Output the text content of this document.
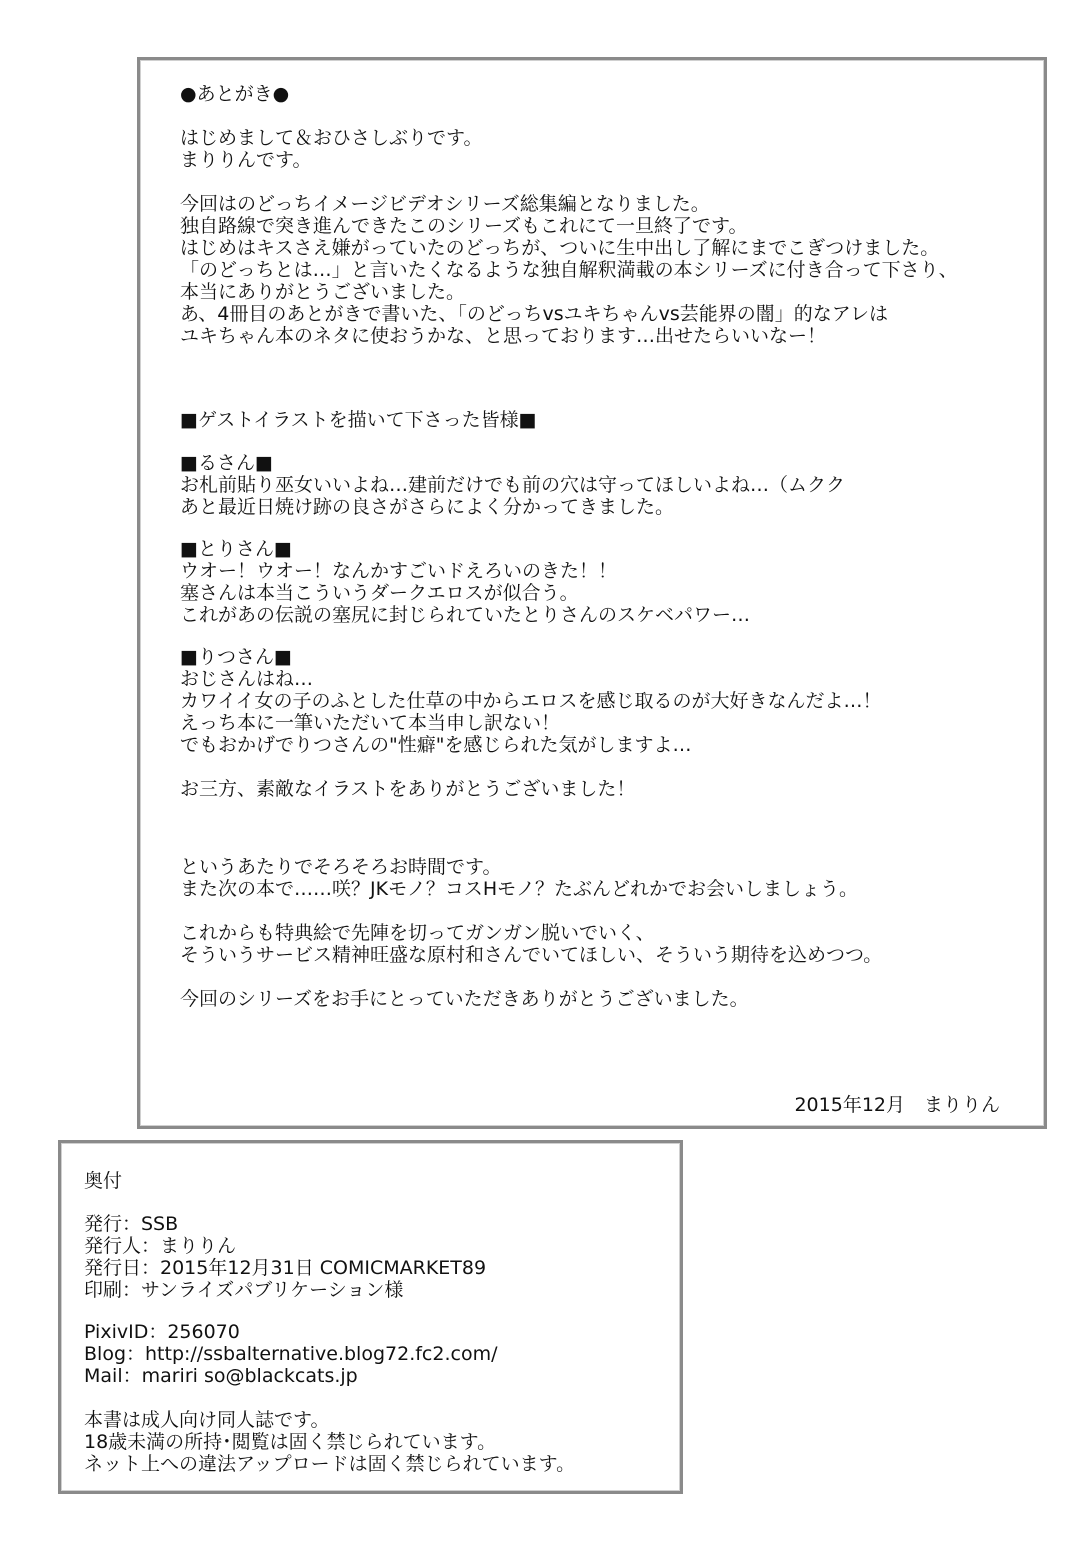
●あとがき●
はじめまして＆おひさしぶりです。
まりりんです。
今回はのどっちイメージビデオシリーズ総集編となりました。
独自路線で突き進んできたこのシリーズもこれにて一旦終了です。
はじめはキスさえ嫌がっていたのどっちが、ついに生中出し了解にまでこぎつけました。
「のどっちとは…」と言いたくなるような独自解釈満載の本シリーズに付き合って下さり、
本当にありがとうございました。
あ、4冊目のあとがきで書いた、「のどっちvsユキちゃんvs芸能界の闇」的なアレは
ユキちゃん本のネタに使おうかな、と思っております…出せたらいいなー！
■ゲストイラストを描いて下さった皆様■
■るさん■
お札前貼り巫女いいよね…建前だけでも前の穴は守ってほしいよね…（ムクク
あと最近日焼け跡の良さがさらによく分かってきました。
■とりさん■
ウオー！ウオー！なんかすごいドえろいのきた！！
塞さんは本当こういうダークエロスが似合う。
これがあの伝説の塞尻に封じられていたとりさんのスケベパワー…
■りつさん■
おじさんはね…
カワイイ女の子のふとした仕草の中からエロスを感じ取るのが大好きなんだよ…！
えっち本に一筆いただいて本当申し訳ない！
でもおかげでりつさんの"性癖"を感じられた気がしますよ…
お三方、素敵なイラストをありがとうございました！
というあたりでそろそろお時間です。
また次の本で……咲？JKモノ？コスHモノ？たぶんどれかでお会いしましょう。
これからも特典絵で先陣を切ってガンガン脱いでいく、
そういうサービス精神旺盛な原村和さんでいてほしい、そういう期待を込めつつ。
今回のシリーズをお手にとっていただきありがとうございました。
2015年12月　まりりん
奥付
発行：SSB
発行人：まりりん
発行日：2015年12月31日 COMICMARKET89
印刷：サンライズパブリケーション様
PixivID：256070
Blog：http://ssbalternative.blog72.fc2.com/
Mail：mariri so@blackcats.jp
本書は成人向け同人誌です。
18歳未満の所持･閲覧は固く禁じられています。
ネット上への違法アップロードは固く禁じられています。
